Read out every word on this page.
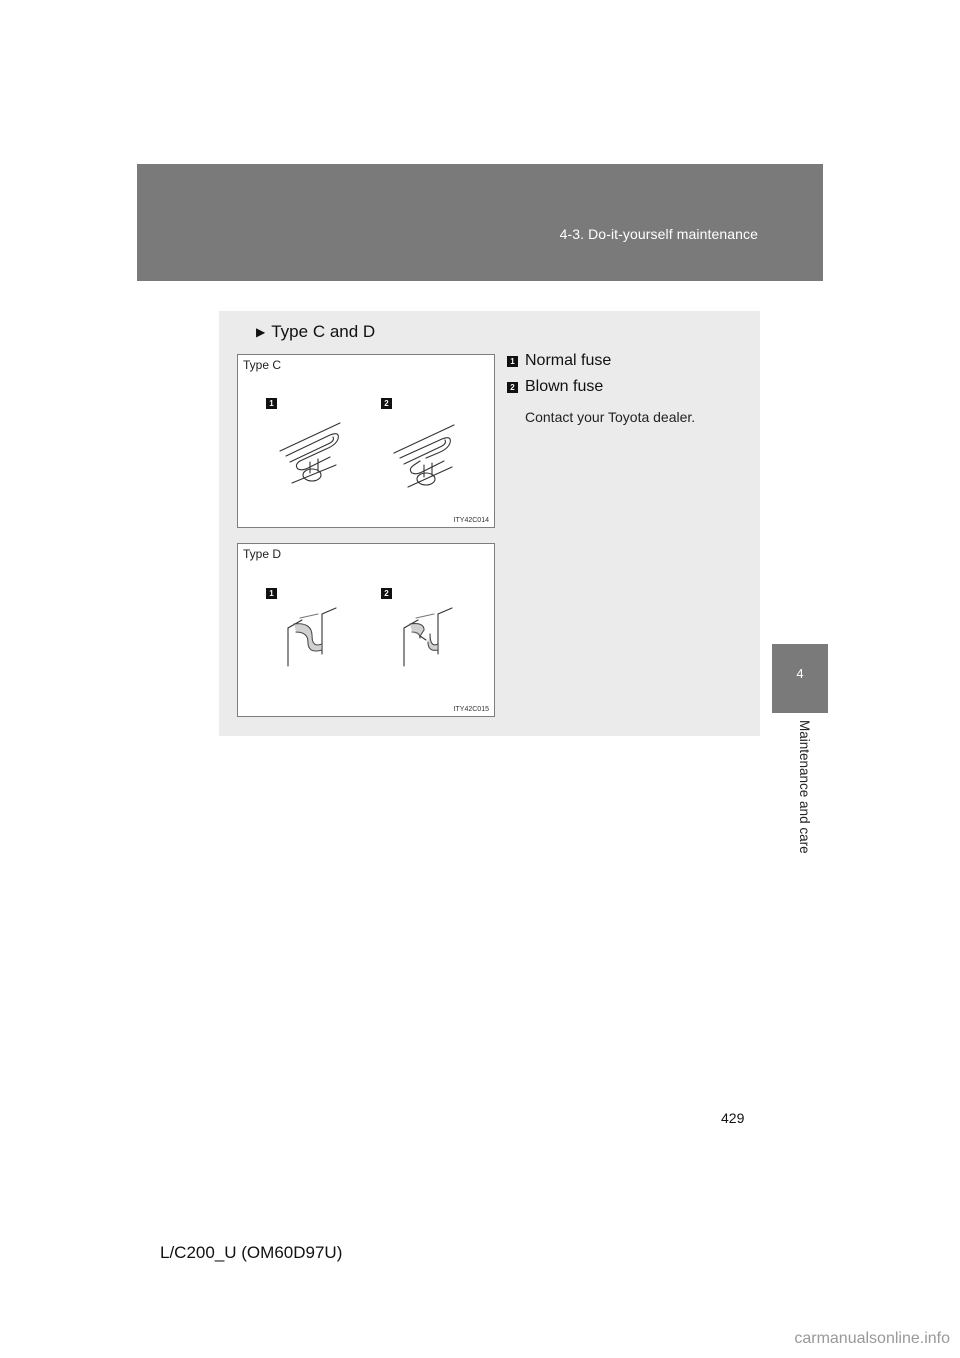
4-3. Do-it-yourself maintenance
4
Maintenance and care
▶ Type C and D
Type C
1	2
ITY42C014
Type D
1	2
ITY42C015
1 Normal fuse
2 Blown fuse
Contact your Toyota dealer.
429
L/C200_U (OM60D97U)
carmanualsonline.info
